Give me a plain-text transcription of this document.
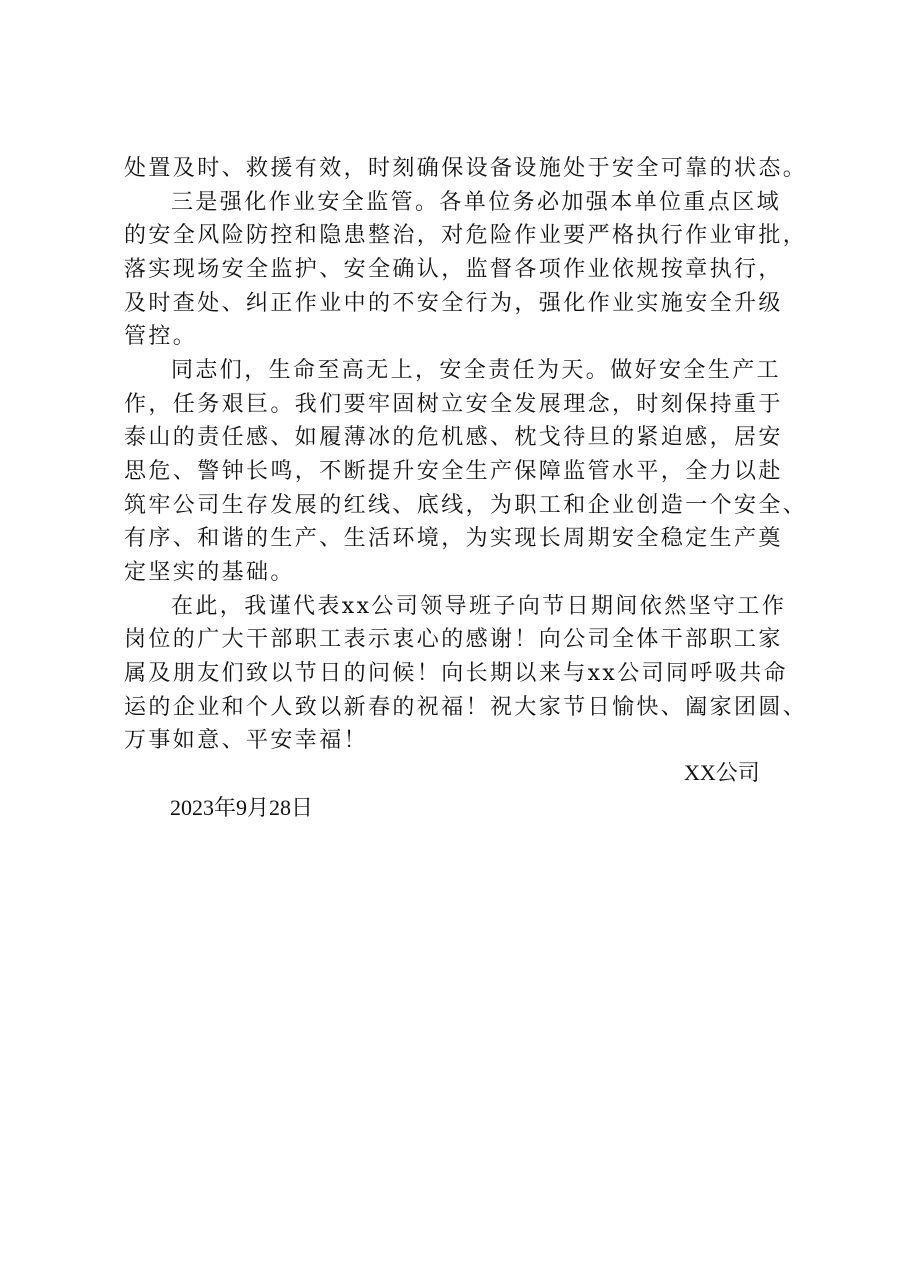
处置及时、救援有效，时刻确保设备设施处于安全可靠的状态。
三是强化作业安全监管。各单位务必加强本单位重点区域
的安全风险防控和隐患整治，对危险作业要严格执行作业审批，
落实现场安全监护、安全确认，监督各项作业依规按章执行，
及时查处、纠正作业中的不安全行为，强化作业实施安全升级
管控。
同志们，生命至高无上，安全责任为天。做好安全生产工
作，任务艰巨。我们要牢固树立安全发展理念，时刻保持重于
泰山的责任感、如履薄冰的危机感、枕戈待旦的紧迫感，居安
思危、警钟长鸣，不断提升安全生产保障监管水平，全力以赴
筑牢公司生存发展的红线、底线，为职工和企业创造一个安全、
有序、和谐的生产、生活环境，为实现长周期安全稳定生产奠
定坚实的基础。
在此，我谨代表xx公司领导班子向节日期间依然坚守工作
岗位的广大干部职工表示衷心的感谢！向公司全体干部职工家
属及朋友们致以节日的问候！向长期以来与xx公司同呼吸共命
运的企业和个人致以新春的祝福！祝大家节日愉快、阖家团圆、
万事如意、平安幸福！
XX公司
2023年9月28日
